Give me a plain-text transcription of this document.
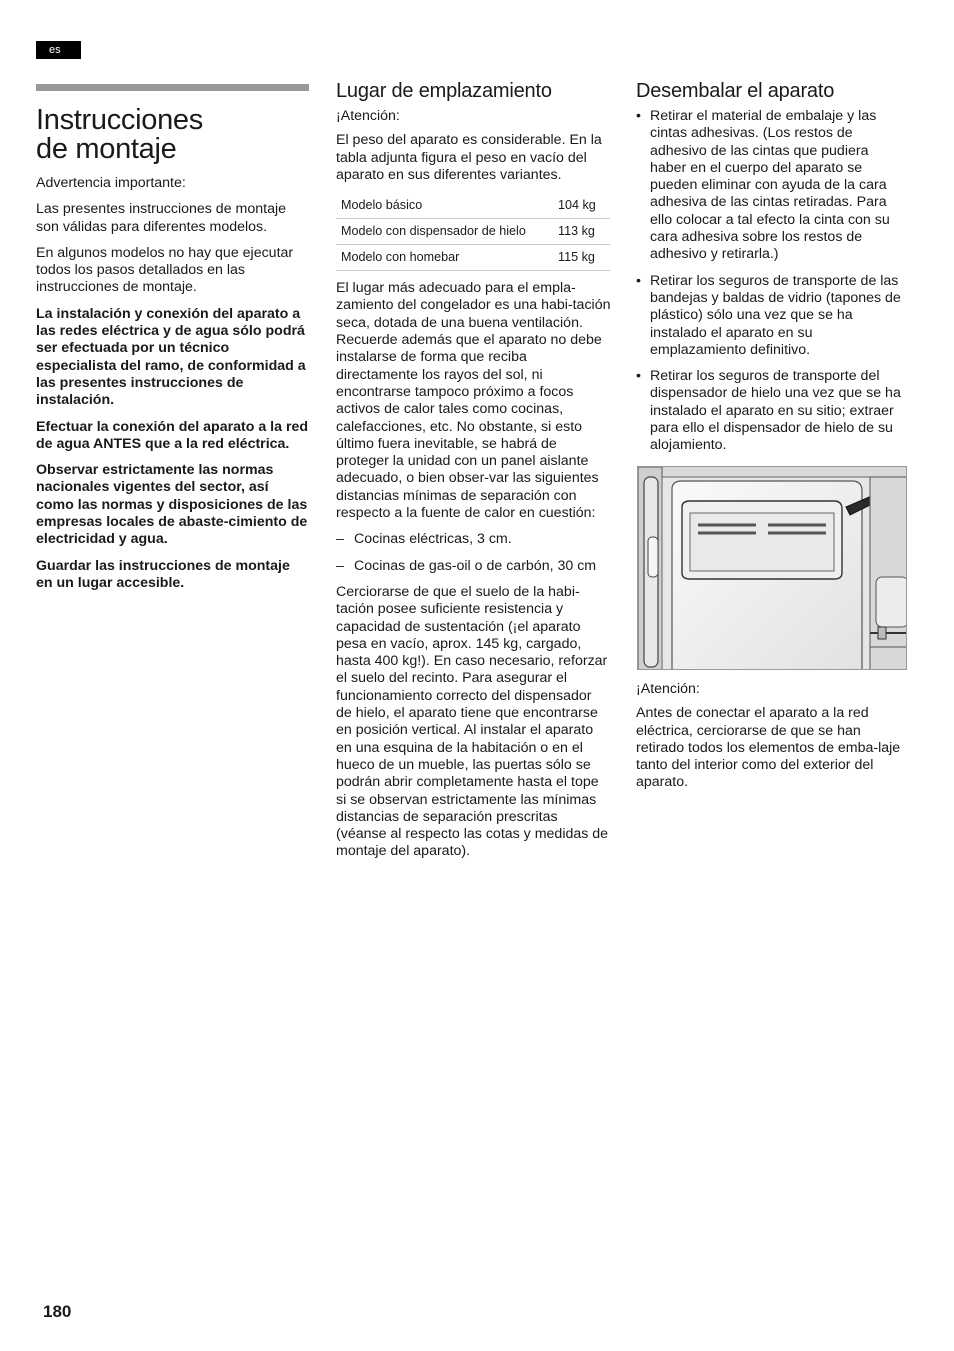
es
Instrucciones
de montaje

Advertencia importante:

Las presentes instrucciones de montaje son válidas para diferentes modelos.

En algunos modelos no hay que ejecutar todos los pasos detallados en las instrucciones de montaje.

La instalación y conexión del aparato a las redes eléctrica y de agua sólo podrá ser efectuada por un técnico especialista del ramo, de conformidad a las presentes instrucciones de instalación.

Efectuar la conexión del aparato a la red de agua ANTES que a la red eléctrica.

Observar estrictamente las normas nacionales vigentes del sector, así como las normas y disposiciones de las empresas locales de abaste-cimiento de electricidad y agua.

Guardar las instrucciones de montaje en un lugar accesible.

Lugar de emplazamiento

¡Atención:

El peso del aparato es considerable. En la tabla adjunta figura el peso en vacío del aparato en sus diferentes variantes.

Modelo básico	104 kg
Modelo con dispensador de hielo	113 kg
Modelo con homebar	115 kg

El lugar más adecuado para el empla-zamiento del congelador es una habi-tación seca, dotada de una buena ventilación. Recuerde además que el aparato no debe instalarse de forma que reciba directamente los rayos del sol, ni encontrarse tampoco próximo a focos activos de calor tales como cocinas, calefacciones, etc. No obstante, si esto último fuera inevitable, se habrá de proteger la unidad con un panel aislante adecuado, o bien obser-var las siguientes distancias mínimas de separación con respecto a la fuente de calor en cuestión:

– Cocinas eléctricas, 3 cm.
– Cocinas de gas-oil o de carbón, 30 cm

Cerciorarse de que el suelo de la habi-tación posee suficiente resistencia y capacidad de sustentación (¡el aparato pesa en vacío, aprox. 145 kg, cargado, hasta 400 kg!). En caso necesario, reforzar el suelo del recinto. Para asegurar el funcionamiento correcto del dispensador de hielo, el aparato tiene que encontrarse en posición vertical. Al instalar el aparato en una esquina de la habitación o en el hueco de un mueble, las puertas sólo se podrán abrir completamente hasta el tope si se observan estrictamente las mínimas distancias de separación prescritas (véanse al respecto las cotas y medidas de montaje del aparato).

Desembalar el aparato
• Retirar el material de embalaje y las cintas adhesivas. (Los restos de adhesivo de las cintas que pudiera haber en el cuerpo del aparato se pueden eliminar con ayuda de la cara adhesiva de las cintas retiradas. Para ello colocar a tal efecto la cinta con su cara adhesiva sobre los restos de adhesivo y retirarla.)
• Retirar los seguros de transporte de las bandejas y baldas de vidrio (tapones de plástico) sólo una vez que se ha instalado el aparato en su emplazamiento definitivo.
• Retirar los seguros de transporte del dispensador de hielo una vez que se ha instalado el aparato en su sitio; extraer para ello el dispensador de hielo de su alojamiento.

¡Atención:

Antes de conectar el aparato a la red eléctrica, cerciorarse de que se han retirado todos los elementos de emba-laje tanto del interior como del exterior del aparato.

180
